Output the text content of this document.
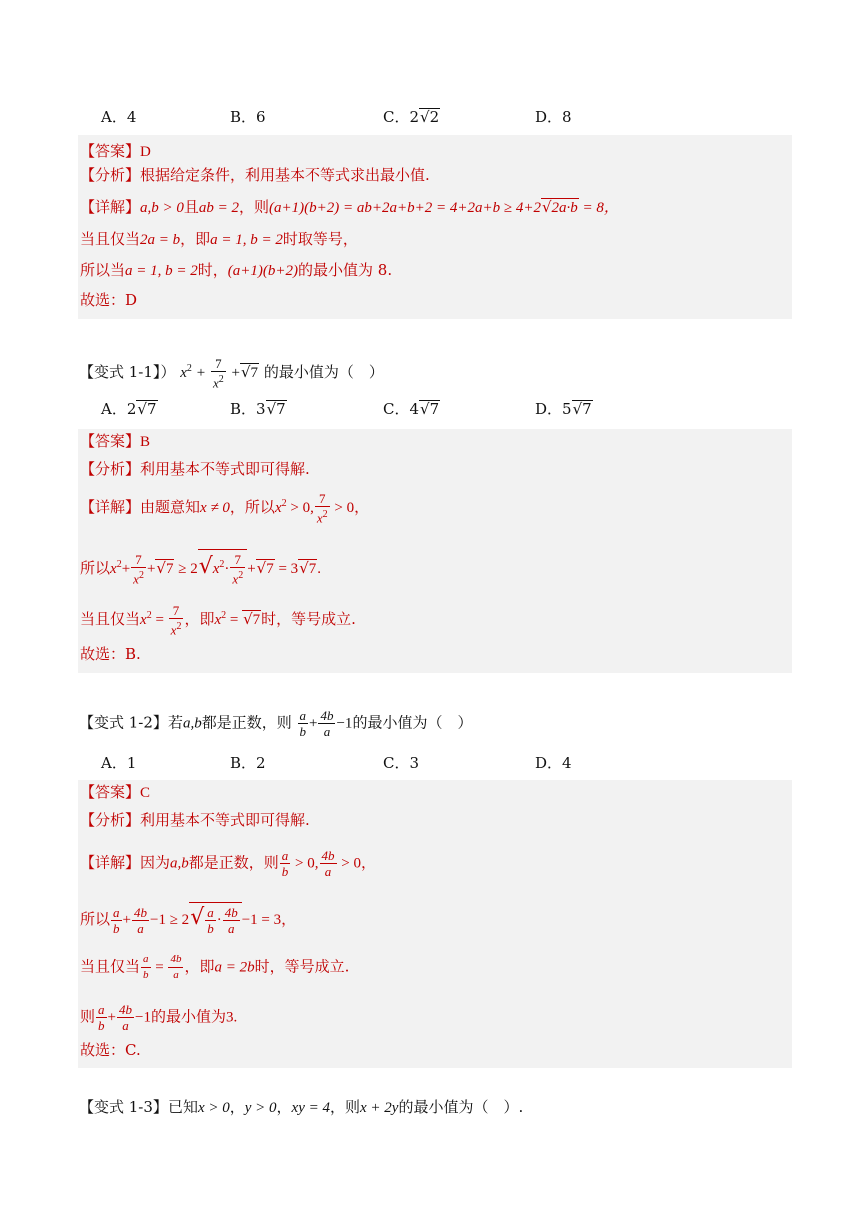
A．4	B．6	C．2√2	D．8
【答案】D
【分析】根据给定条件，利用基本不等式求出最小值.
【详解】a,b > 0且ab = 2，则(a+1)(b+2) = ab+2a+b+2 = 4+2a+b ≥ 4+2√2a·b = 8，
当且仅当2a = b，即a = 1, b = 2时取等号，
所以当a = 1, b = 2时，(a+1)(b+2)的最小值为 8.
故选：D
【变式 1-1】） $x^2 + \frac{7}{x^2} +√7$ 的最小值为（　）
A．2√7	B．3√7	C．4√7	D．5√7
【答案】B
【分析】利用基本不等式即可得解.
【详解】由题意知x ≠ 0，所以$x^2 > 0$, $\frac{7}{x^2} > 0$，
所以$x^2+ \frac{7}{x^2} +√7 \ge 2√x^2\cdot \frac{7}{x^2} +√7 = 3√7$.
当且仅当$x^2 = \frac{7}{x^2}$ ，即$x^2 = √7$时，等号成立.
故选：B.
【变式 1-2】若a,b都是正数，则 $\frac{a}{b} + \frac{4b}{a} -1$的最小值为（　）
A．1	B．2	C．3	D．4
【答案】C
【分析】利用基本不等式即可得解.
【详解】因为a,b都是正数，则 $\frac{a}{b} > 0$, $\frac{4b}{a} > 0$，
所以 $\frac{a}{b} + \frac{4b}{a} -1 \ge 2√ \frac{a}{b} \cdot \frac{4b}{a} -1 = 3$，
当且仅当 $\frac{a}{b} = \frac{4b}{a}$ ，即a = 2b时，等号成立.
则 $\frac{a}{b} + \frac{4b}{a} -1$的最小值为3.
故选：C.
【变式 1-3】已知x > 0，y > 0，xy = 4，则x + 2y的最小值为（　）.
